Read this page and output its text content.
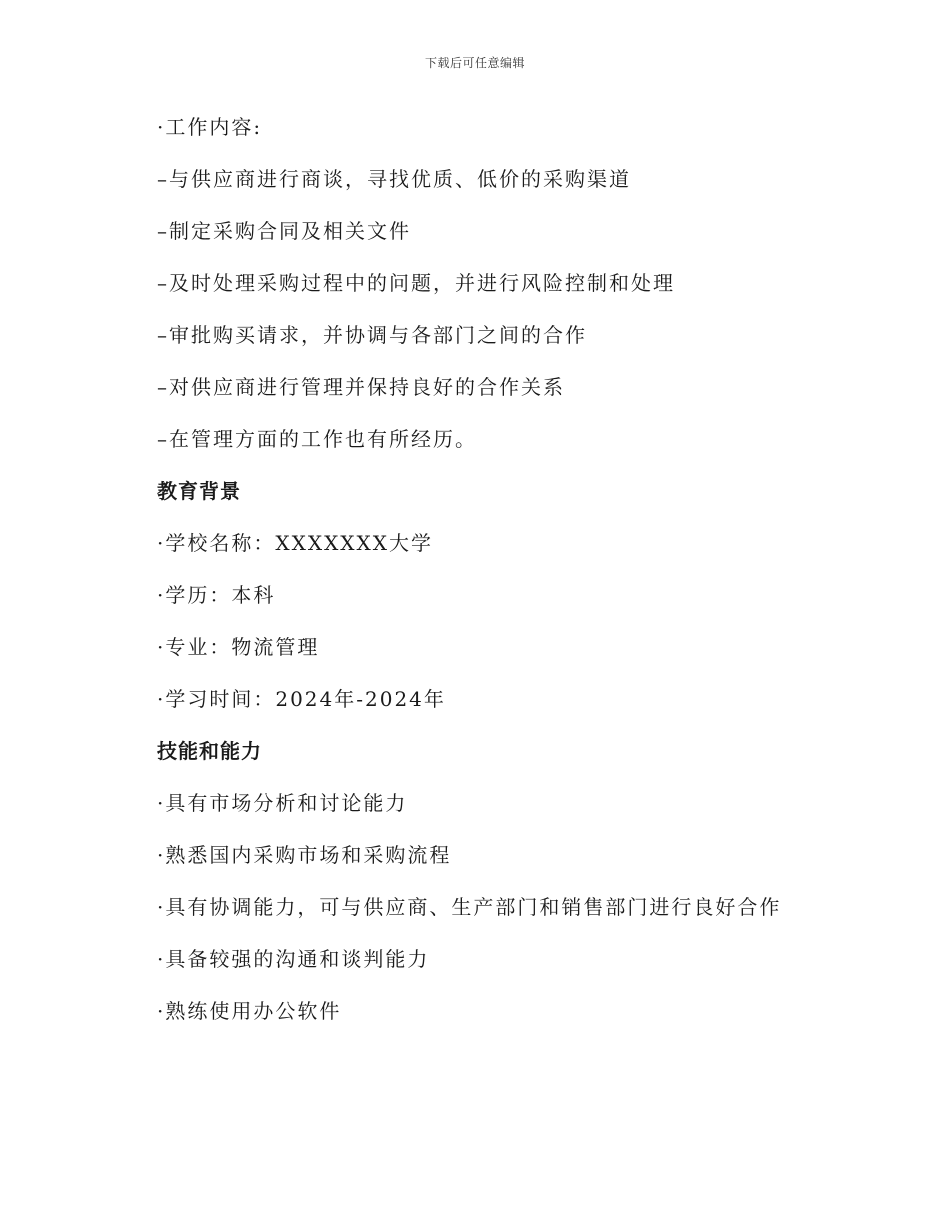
下载后可任意编辑
·工作内容:
–与供应商进行商谈，寻找优质、低价的采购渠道
–制定采购合同及相关文件
–及时处理采购过程中的问题，并进行风险控制和处理
–审批购买请求，并协调与各部门之间的合作
–对供应商进行管理并保持良好的合作关系
–在管理方面的工作也有所经历。
教育背景
·学校名称：XXXXXXX大学
·学历：本科
·专业：物流管理
·学习时间：2024年-2024年
技能和能力
·具有市场分析和讨论能力
·熟悉国内采购市场和采购流程
·具有协调能力，可与供应商、生产部门和销售部门进行良好合作
·具备较强的沟通和谈判能力
·熟练使用办公软件
